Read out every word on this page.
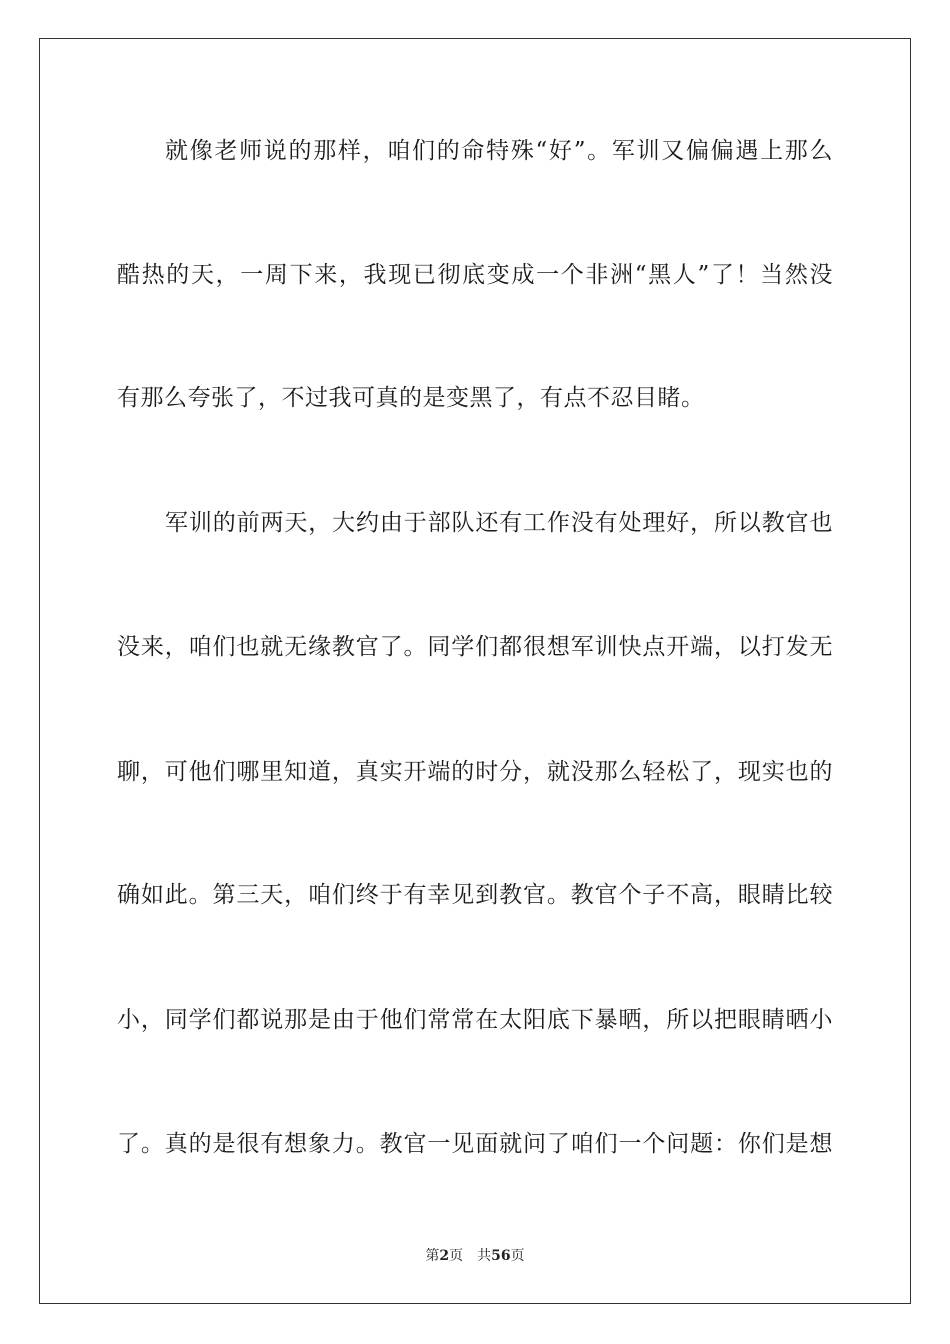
就像老师说的那样，咱们的命特殊“好”。军训又偏偏遇上那么
酷热的天，一周下来，我现已彻底变成一个非洲“黑人”了！当然没
有那么夸张了，不过我可真的是变黑了，有点不忍目睹。
军训的前两天，大约由于部队还有工作没有处理好，所以教官也
没来，咱们也就无缘教官了。同学们都很想军训快点开端，以打发无
聊，可他们哪里知道，真实开端的时分，就没那么轻松了，现实也的
确如此。第三天，咱们终于有幸见到教官。教官个子不高，眼睛比较
小，同学们都说那是由于他们常常在太阳底下暴晒，所以把眼睛晒小
了。真的是很有想象力。教官一见面就问了咱们一个问题：你们是想
第2页 共56页
